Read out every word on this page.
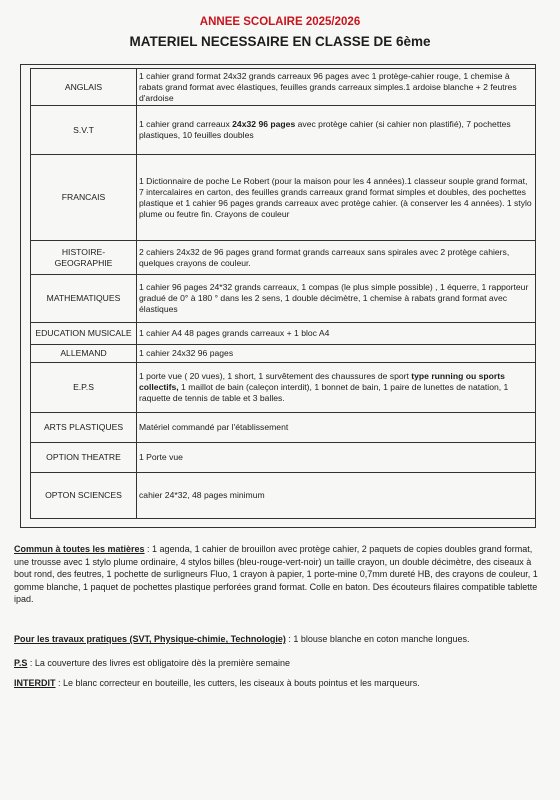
ANNEE SCOLAIRE 2025/2026
MATERIEL NECESSAIRE EN CLASSE DE 6ème
ANGLAIS	1 cahier grand format 24x32 grands carreaux 96 pages avec 1 protège-cahier rouge, 1 chemise à rabats grand format avec élastiques, feuilles grands carreaux simples.1 ardoise blanche + 2 feutres d'ardoise
S.V.T	1 cahier grand carreaux 24x32 96 pages avec protège cahier (si cahier non plastifié), 7 pochettes plastiques, 10 feuilles doubles
FRANCAIS	1 Dictionnaire de poche Le Robert (pour la maison pour les 4 années).1 classeur souple grand format, 7 intercalaires en carton, des feuilles grands carreaux grand format simples et doubles, des pochettes plastique et 1 cahier 96 pages grands carreaux avec protège cahier. (à conserver les 4 années). 1 stylo plume ou feutre fin. Crayons de couleur
HISTOIRE-GEOGRAPHIE	2 cahiers 24x32 de 96 pages grand format grands carreaux sans spirales avec 2 protège cahiers, quelques crayons de couleur.
MATHEMATIQUES	1 cahier 96 pages 24*32 grands carreaux, 1 compas (le plus simple possible) , 1 équerre, 1 rapporteur gradué de 0° à 180 ° dans les 2 sens, 1 double décimètre, 1 chemise à rabats grand format avec élastiques
EDUCATION MUSICALE	1 cahier A4 48 pages grands carreaux + 1 bloc A4
ALLEMAND	1 cahier 24x32 96 pages
E.P.S	1 porte vue ( 20 vues), 1 short, 1 survêtement des chaussures de sport type running ou sports collectifs, 1 maillot de bain (caleçon interdit), 1 bonnet de bain, 1 paire de lunettes de natation, 1 raquette de tennis de table et 3 balles.
ARTS PLASTIQUES	Matériel commandé par l'établissement
OPTION THEATRE	1 Porte vue
OPTON SCIENCES	cahier 24*32, 48 pages minimum
Commun à toutes les matières : 1 agenda, 1 cahier de brouillon avec protège cahier, 2 paquets de copies doubles grand format, une trousse avec 1 stylo plume ordinaire, 4 stylos billes (bleu-rouge-vert-noir) un taille crayon, un double décimètre, des ciseaux à bout rond, des feutres, 1 pochette de surligneurs Fluo, 1 crayon à papier, 1 porte-mine 0,7mm dureté HB, des crayons de couleur, 1 gomme blanche, 1 paquet de pochettes plastique perforées grand format. Colle en baton. Des écouteurs filaires compatible tablette ipad.
Pour les travaux pratiques (SVT, Physique-chimie, Technologie) : 1 blouse blanche en coton manche longues.
P.S : La couverture des livres est obligatoire dès la première semaine
INTERDIT : Le blanc correcteur en bouteille, les cutters, les ciseaux à bouts pointus et les marqueurs.
